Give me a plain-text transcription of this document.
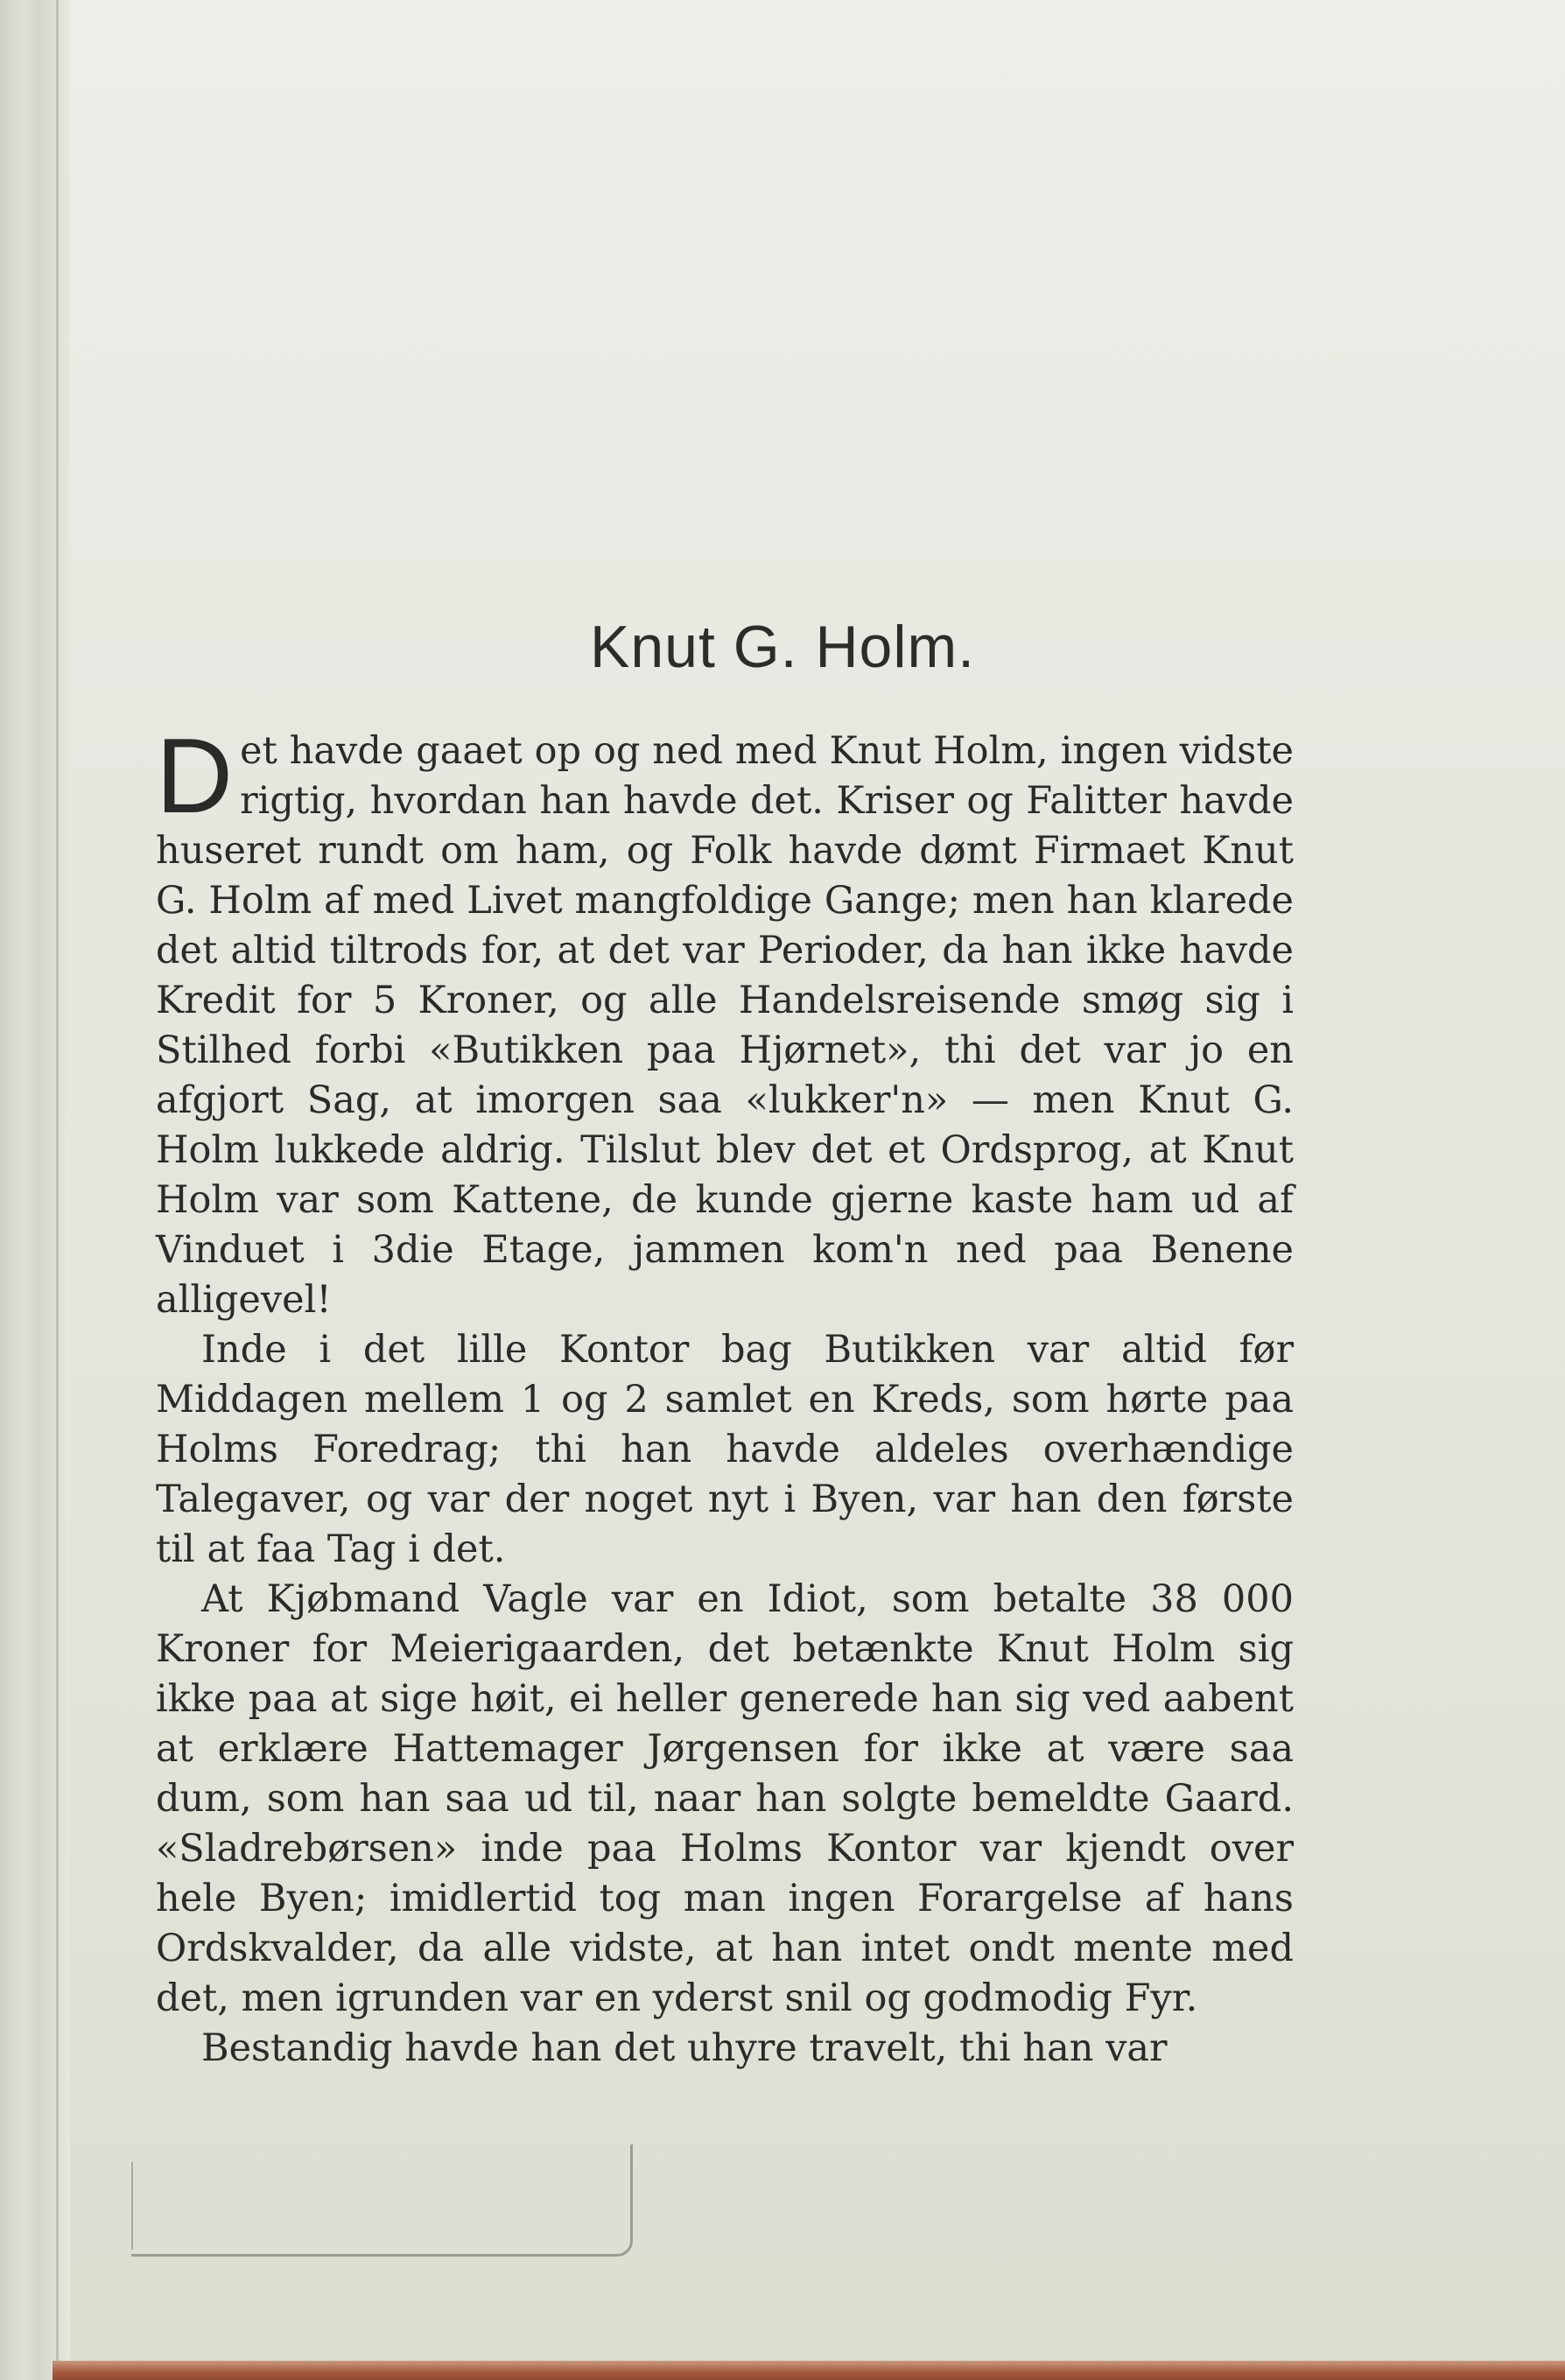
Knut G. Holm.

D et havde gaaet op og ned med Knut Holm, ingen vidste rigtig, hvordan han havde det. Kriser og Falitter havde huseret rundt om ham, og Folk havde dømt Firmaet Knut G. Holm af med Livet mangfoldige Gange; men han klarede det altid tiltrods for, at det var Perioder, da han ikke havde Kredit for 5 Kroner, og alle Handelsreisende smøg sig i Stilhed forbi «Butikken paa Hjørnet», thi det var jo en afgjort Sag, at imorgen saa «lukker'n» — men Knut G. Holm lukkede aldrig. Tilslut blev det et Ordsprog, at Knut Holm var som Kattene, de kunde gjerne kaste ham ud af Vinduet i 3die Etage, jammen kom'n ned paa Benene alligevel!

Inde i det lille Kontor bag Butikken var altid før Middagen mellem 1 og 2 samlet en Kreds, som hørte paa Holms Foredrag; thi han havde aldeles overhændige Talegaver, og var der noget nyt i Byen, var han den første til at faa Tag i det.

At Kjøbmand Vagle var en Idiot, som betalte 38 000 Kroner for Meierigaarden, det betænkte Knut Holm sig ikke paa at sige høit, ei heller generede han sig ved aabent at erklære Hattemager Jørgensen for ikke at være saa dum, som han saa ud til, naar han solgte bemeldte Gaard. «Sladrebørsen» inde paa Holms Kontor var kjendt over hele Byen; imidlertid tog man ingen Forargelse af hans Ordskvalder, da alle vidste, at han intet ondt mente med det, men igrunden var en yderst snil og godmodig Fyr.

Bestandig havde han det uhyre travelt, thi han var
